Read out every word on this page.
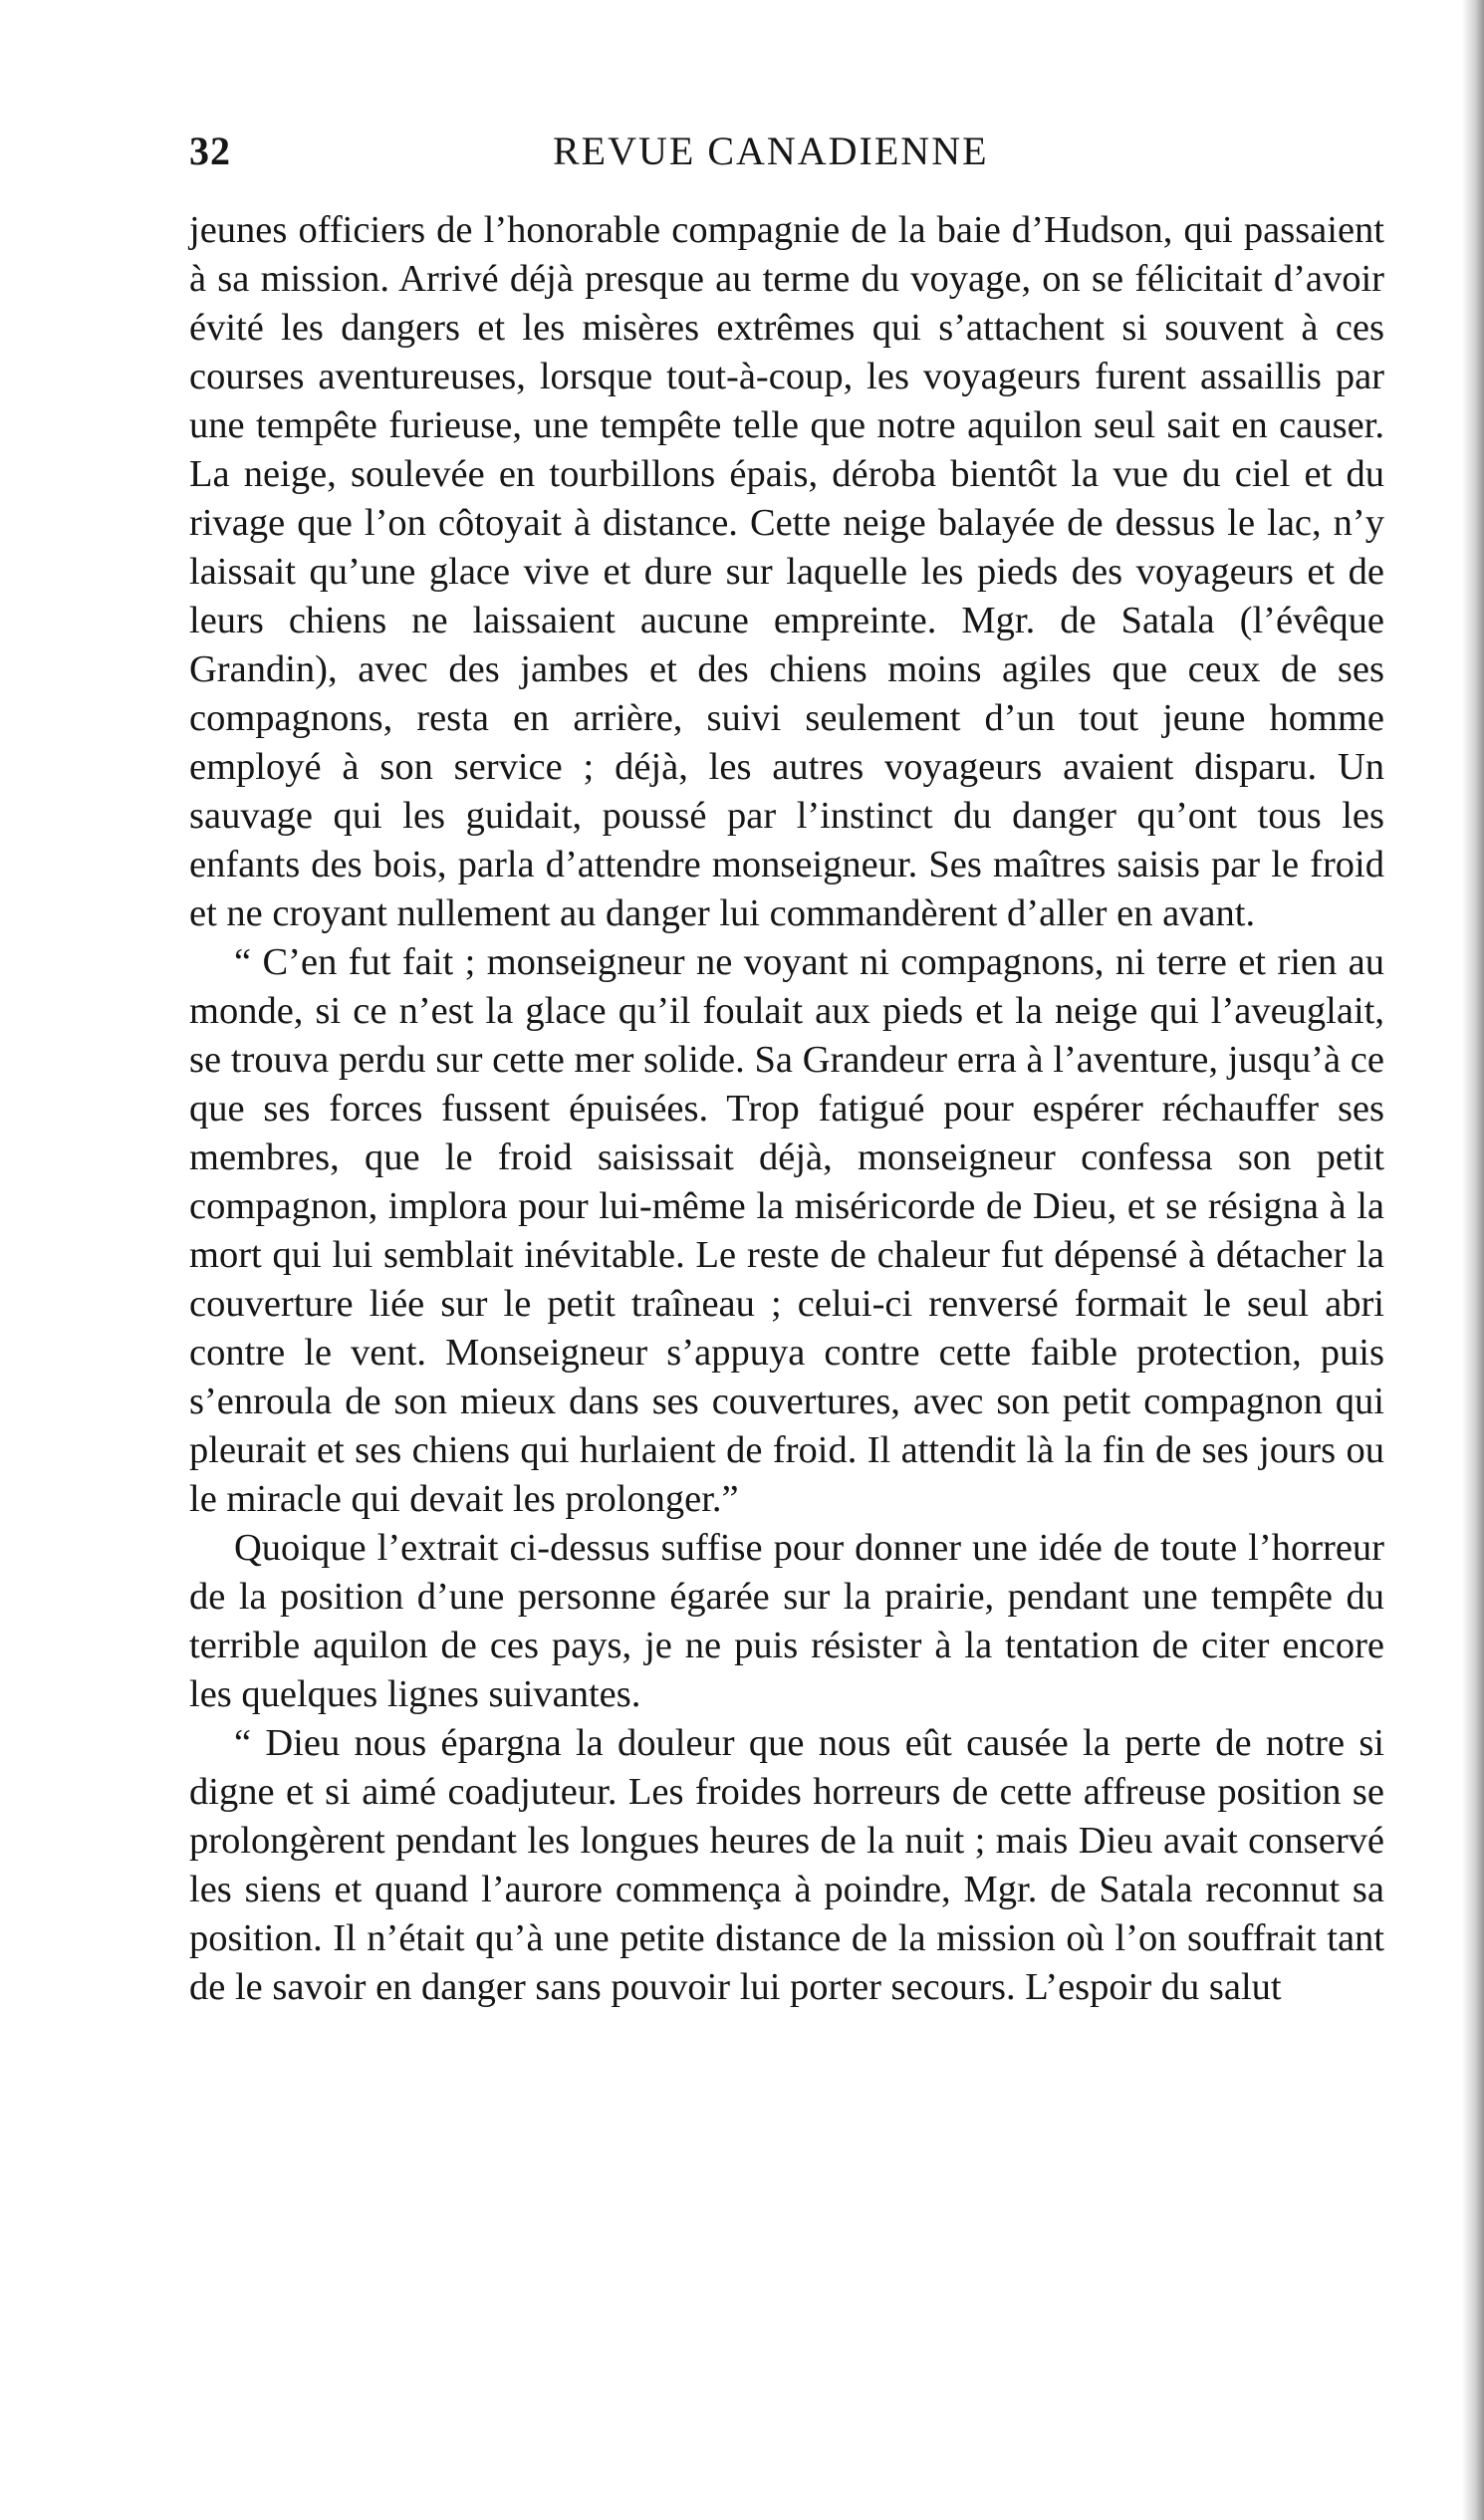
32	REVUE CANADIENNE

jeunes officiers de l’honorable compagnie de la baie d’Hudson, qui passaient à sa mission. Arrivé déjà presque au terme du voyage, on se félicitait d’avoir évité les dangers et les misères extrêmes qui s’attachent si souvent à ces courses aventureuses, lorsque tout-à-coup, les voyageurs furent assaillis par une tempête furieuse, une tempête telle que notre aquilon seul sait en causer. La neige, soulevée en tourbillons épais, déroba bientôt la vue du ciel et du rivage que l’on côtoyait à distance. Cette neige balayée de dessus le lac, n’y laissait qu’une glace vive et dure sur laquelle les pieds des voyageurs et de leurs chiens ne laissaient aucune empreinte. Mgr. de Satala (l’évêque Grandin), avec des jambes et des chiens moins agiles que ceux de ses compagnons, resta en arrière, suivi seulement d’un tout jeune homme employé à son service ; déjà, les autres voyageurs avaient disparu. Un sauvage qui les guidait, poussé par l’instinct du danger qu’ont tous les enfants des bois, parla d’attendre monseigneur. Ses maîtres saisis par le froid et ne croyant nullement au danger lui commandèrent d’aller en avant.

“ C’en fut fait ; monseigneur ne voyant ni compagnons, ni terre et rien au monde, si ce n’est la glace qu’il foulait aux pieds et la neige qui l’aveuglait, se trouva perdu sur cette mer solide. Sa Grandeur erra à l’aventure, jusqu’à ce que ses forces fussent épuisées. Trop fatigué pour espérer réchauffer ses membres, que le froid saisissait déjà, monseigneur confessa son petit compagnon, implora pour lui-même la miséricorde de Dieu, et se résigna à la mort qui lui semblait inévitable. Le reste de chaleur fut dépensé à détacher la couverture liée sur le petit traîneau ; celui-ci renversé formait le seul abri contre le vent. Monseigneur s’appuya contre cette faible protection, puis s’enroula de son mieux dans ses couvertures, avec son petit compagnon qui pleurait et ses chiens qui hurlaient de froid. Il attendit là la fin de ses jours ou le miracle qui devait les prolonger.”

Quoique l’extrait ci-dessus suffise pour donner une idée de toute l’horreur de la position d’une personne égarée sur la prairie, pendant une tempête du terrible aquilon de ces pays, je ne puis résister à la tentation de citer encore les quelques lignes suivantes.

“ Dieu nous épargna la douleur que nous eût causée la perte de notre si digne et si aimé coadjuteur. Les froides horreurs de cette affreuse position se prolongèrent pendant les longues heures de la nuit ; mais Dieu avait conservé les siens et quand l’aurore commença à poindre, Mgr. de Satala reconnut sa position. Il n’était qu’à une petite distance de la mission où l’on souffrait tant de le savoir en danger sans pouvoir lui porter secours. L’espoir du salut
